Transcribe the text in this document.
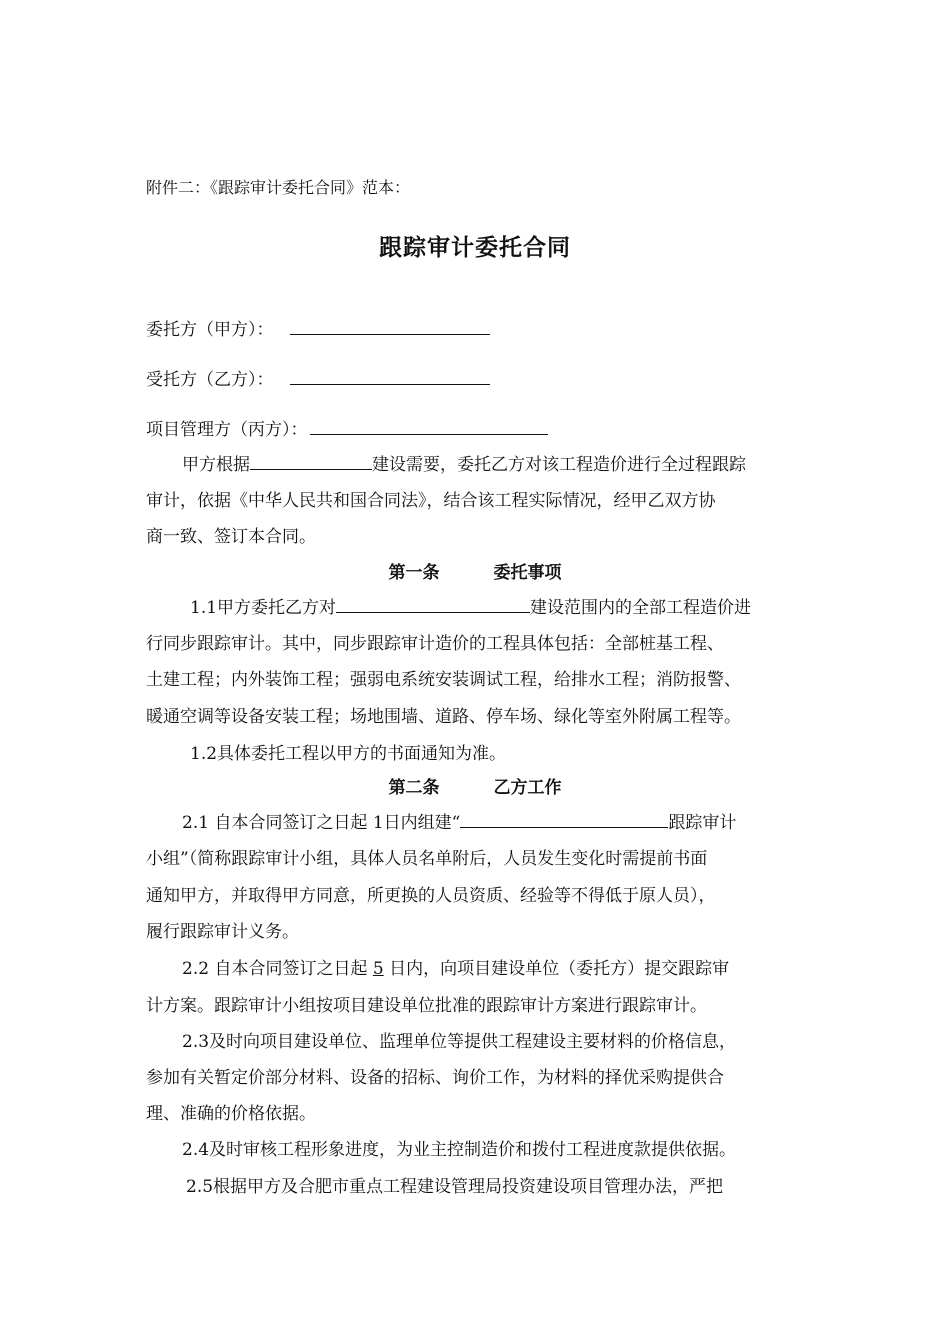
附件二：《跟踪审计委托合同》范本：
跟踪审计委托合同
委托方（甲方）：
受托方（乙方）：
项目管理方（丙方）：
甲方根据	建设需要，委托乙方对该工程造价进行全过程跟踪
审计，依据《中华人民共和国合同法》，结合该工程实际情况，经甲乙双方协
商一致、签订本合同。
第一条	委托事项
1.1甲方委托乙方对	建设范围内的全部工程造价进
行同步跟踪审计。其中，同步跟踪审计造价的工程具体包括：全部桩基工程、
土建工程；内外装饰工程；强弱电系统安装调试工程，给排水工程；消防报警、
暖通空调等设备安装工程；场地围墙、道路、停车场、绿化等室外附属工程等。
1.2具体委托工程以甲方的书面通知为准。
第二条	乙方工作
2.1 自本合同签订之日起 1日内组建“	跟踪审计
小组”（简称跟踪审计小组，具体人员名单附后，人员发生变化时需提前书面
通知甲方，并取得甲方同意，所更换的人员资质、经验等不得低于原人员），
履行跟踪审计义务。
2.2 自本合同签订之日起 5 日内，向项目建设单位（委托方）提交跟踪审
计方案。跟踪审计小组按项目建设单位批准的跟踪审计方案进行跟踪审计。
2.3及时向项目建设单位、监理单位等提供工程建设主要材料的价格信息，
参加有关暂定价部分材料、设备的招标、询价工作，为材料的择优采购提供合
理、准确的价格依据。
2.4及时审核工程形象进度，为业主控制造价和拨付工程进度款提供依据。
2.5根据甲方及合肥市重点工程建设管理局投资建设项目管理办法，严把
